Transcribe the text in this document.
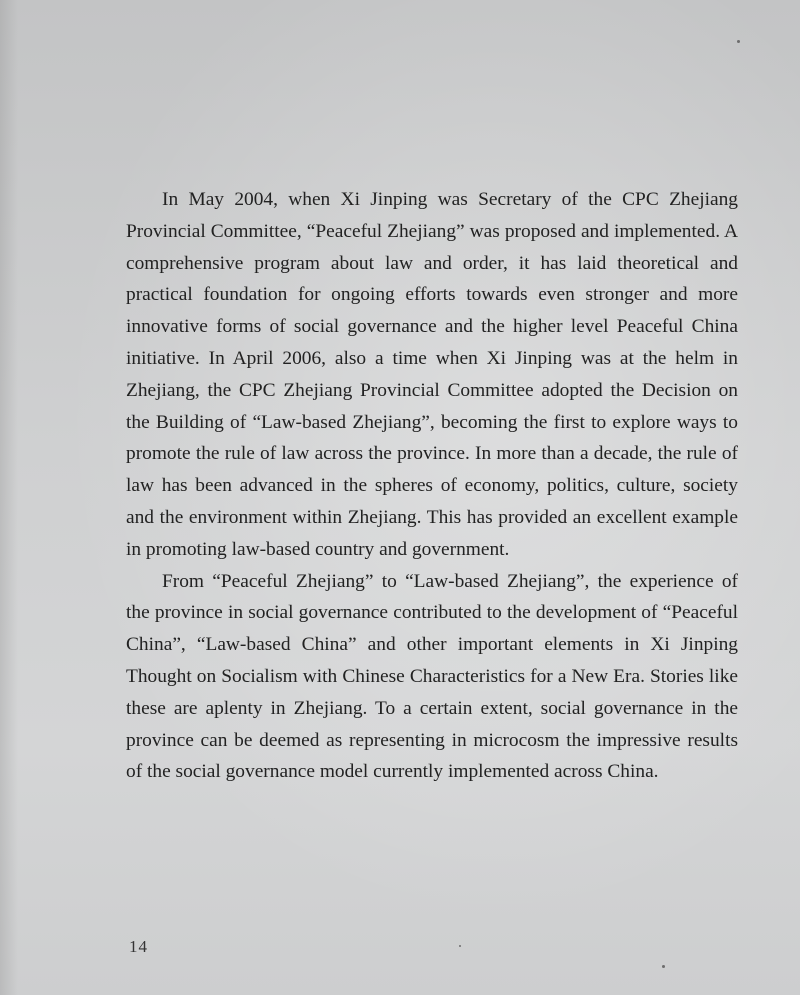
In May 2004, when Xi Jinping was Secretary of the CPC Zhejiang Provincial Committee, “Peaceful Zhejiang” was proposed and implemented. A comprehensive program about law and order, it has laid theoretical and practical foundation for ongoing efforts towards even stronger and more innovative forms of social governance and the higher level Peaceful China initiative. In April 2006, also a time when Xi Jinping was at the helm in Zhejiang, the CPC Zhejiang Provincial Committee adopted the Decision on the Building of “Law-based Zhejiang”, becoming the first to explore ways to promote the rule of law across the province. In more than a decade, the rule of law has been advanced in the spheres of economy, politics, culture, society and the environment within Zhejiang. This has provided an excellent example in promoting law-based country and government.

From “Peaceful Zhejiang” to “Law-based Zhejiang”, the experience of the province in social governance contributed to the development of “Peaceful China”, “Law-based China” and other important elements in Xi Jinping Thought on Socialism with Chinese Characteristics for a New Era. Stories like these are aplenty in Zhejiang. To a certain extent, social governance in the province can be deemed as representing in microcosm the impressive results of the social governance model currently implemented across China.

14
